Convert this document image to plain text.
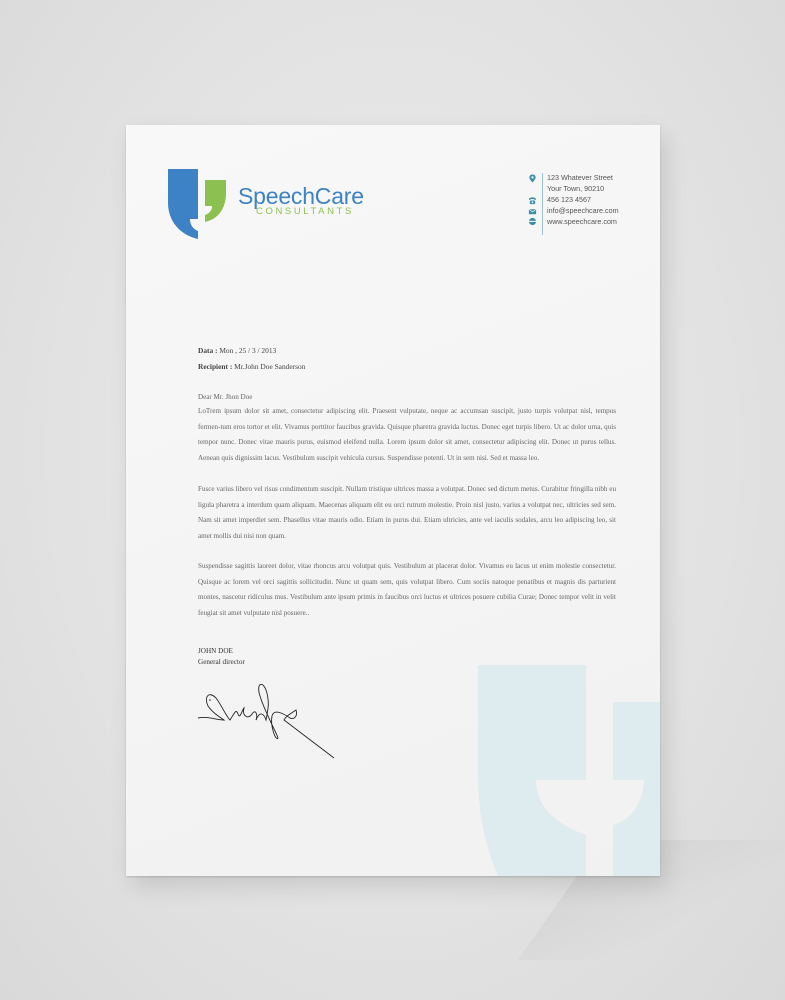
SpeechCare
CONSULTANTS
123 Whatever Street
Your Town, 90210
456 123 4567
info@speechcare.com
www.speechcare.com
Data : Mon , 25 / 3 / 2013
Recipient : Mr.John Doe Sanderson
Dear Mr. Jhon Doe
LoTrem ipsum dolor sit amet, consectetur adipiscing elit. Praesent vulputate, neque ac accumsan suscipit, justo turpis volutpat nisl, tempus fermen-tum eros tortor et elit. Vivamus porttitor faucibus gravida. Quisque pharetra gravida luctus. Donec eget turpis libero. Ut ac dolor urna, quis tempor nunc. Donec vitae mauris purus, euismod eleifend nulla. Lorem ipsum dolor sit amet, consectetur adipiscing elit. Donec ut purus tellus. Aenean quis dignissim lacus. Vestibulum suscipit vehicula cursus. Suspendisse potenti. Ut in sem nisi. Sed et massa leo.
Fusce varius libero vel risus condimentum suscipit. Nullam tristique ultrices massa a volutpat. Donec sed dictum metus. Curabitur fringilla nibh eu ligula pharetra a interdum quam aliquam. Maecenas aliquam elit eu orci rutrum molestie. Proin nisl justo, varius a volutpat nec, ultricies sed sem. Nam sit amet imperdiet sem. Phasellus vitae mauris odio. Etiam in purus dui. Etiam ultricies, ante vel iaculis sodales, arcu leo adipiscing leo, sit amet mollis dui nisi non quam.
Suspendisse sagittis laoreet dolor, vitae rhoncus arcu volutpat quis. Vestibulum at placerat dolor. Vivamus eu lacus ut enim molestie consectetur. Quisque ac lorem vel orci sagittis sollicitudin. Nunc ut quam sem, quis volutpat libero. Cum sociis natoque penatibus et magnis dis parturient montes, nascetur ridiculus mus. Vestibulum ante ipsum primis in faucibus orci luctus et ultrices posuere cubilia Curae; Donec tempor velit in velit feugiat sit amet vulputate nisl posuere..
JOHN DOE
General director
